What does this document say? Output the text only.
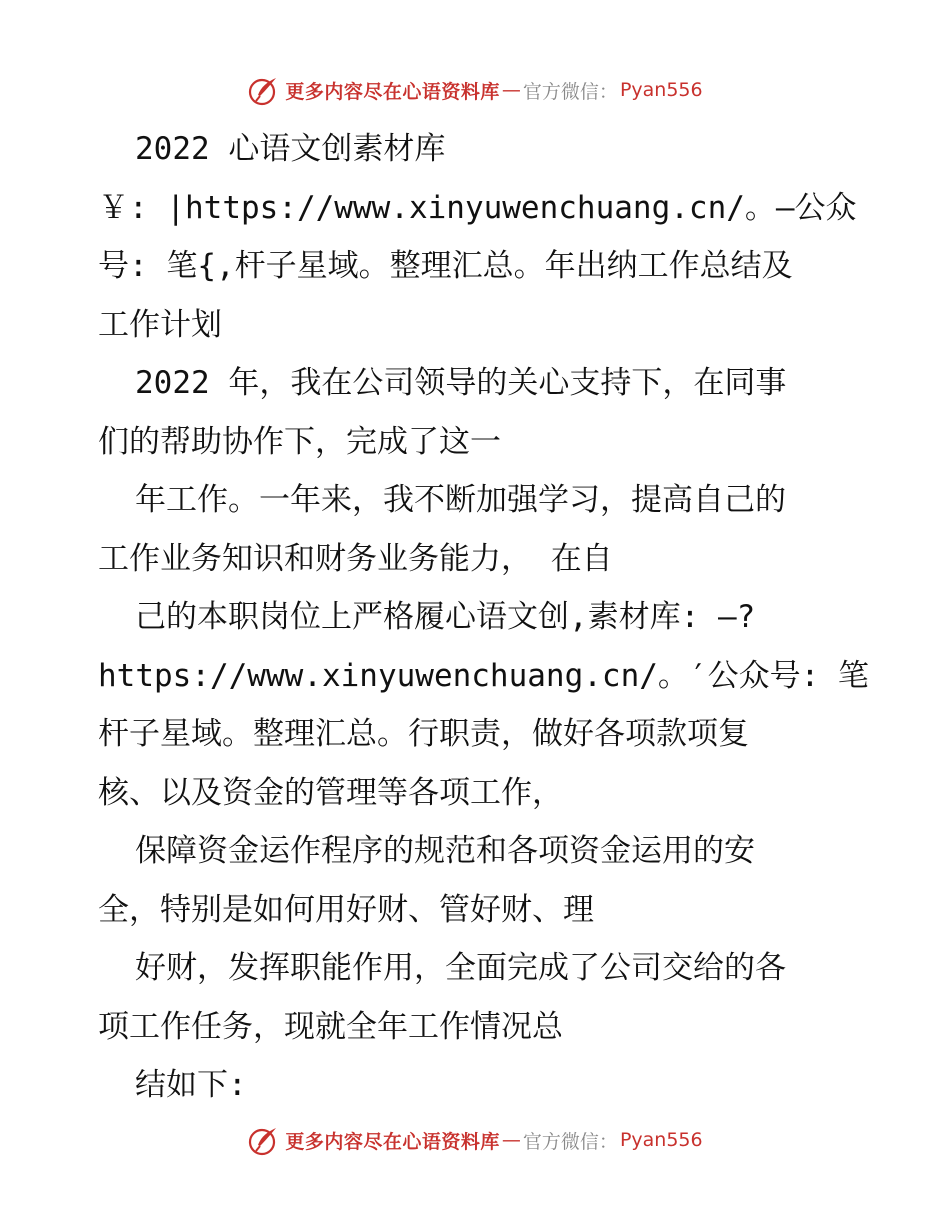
更多内容尽在心语资料库 — 官方微信： Pyan556
2022 心语文创素材库
￥: |https://www.xinyuwenchuang.cn/。—公众
号: 笔{,杆子星域。整理汇总。年出纳工作总结及
工作计划
2022 年，我在公司领导的关心支持下，在同事
们的帮助协作下，完成了这一
年工作。一年来，我不断加强学习，提高自己的
工作业务知识和财务业务能力， 在自
己的本职岗位上严格履心语文创,素材库: —?
https://www.xinyuwenchuang.cn/。′公众号: 笔
杆子星域。整理汇总。行职责，做好各项款项复
核、以及资金的管理等各项工作，
保障资金运作程序的规范和各项资金运用的安
全，特别是如何用好财、管好财、理
好财，发挥职能作用，全面完成了公司交给的各
项工作任务，现就全年工作情况总
结如下:
更多内容尽在心语资料库 — 官方微信： Pyan556
